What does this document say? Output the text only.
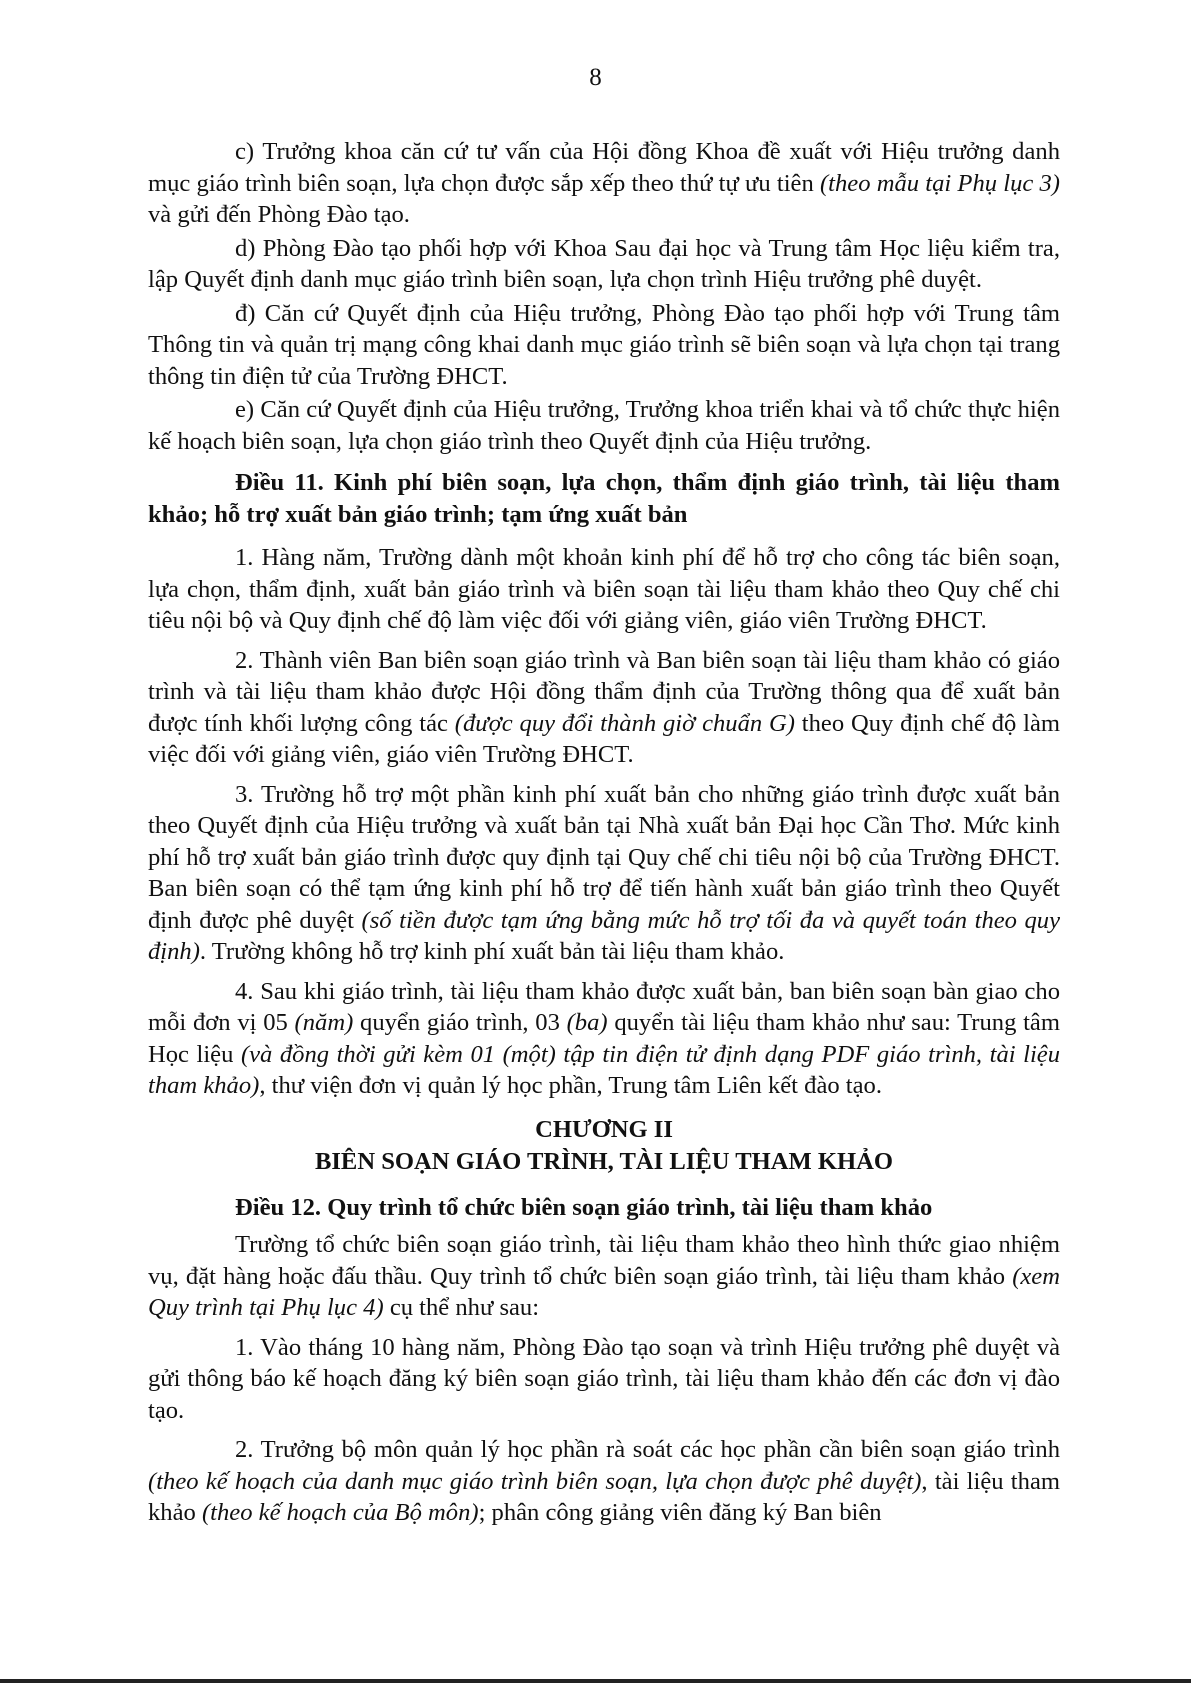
8

c) Trưởng khoa căn cứ tư vấn của Hội đồng Khoa đề xuất với Hiệu trưởng danh mục giáo trình biên soạn, lựa chọn được sắp xếp theo thứ tự ưu tiên (theo mẫu tại Phụ lục 3) và gửi đến Phòng Đào tạo.

d) Phòng Đào tạo phối hợp với Khoa Sau đại học và Trung tâm Học liệu kiểm tra, lập Quyết định danh mục giáo trình biên soạn, lựa chọn trình Hiệu trưởng phê duyệt.

đ) Căn cứ Quyết định của Hiệu trưởng, Phòng Đào tạo phối hợp với Trung tâm Thông tin và quản trị mạng công khai danh mục giáo trình sẽ biên soạn và lựa chọn tại trang thông tin điện tử của Trường ĐHCT.

e) Căn cứ Quyết định của Hiệu trưởng, Trưởng khoa triển khai và tổ chức thực hiện kế hoạch biên soạn, lựa chọn giáo trình theo Quyết định của Hiệu trưởng.

Điều 11. Kinh phí biên soạn, lựa chọn, thẩm định giáo trình, tài liệu tham khảo; hỗ trợ xuất bản giáo trình; tạm ứng xuất bản

1. Hàng năm, Trường dành một khoản kinh phí để hỗ trợ cho công tác biên soạn, lựa chọn, thẩm định, xuất bản giáo trình và biên soạn tài liệu tham khảo theo Quy chế chi tiêu nội bộ và Quy định chế độ làm việc đối với giảng viên, giáo viên Trường ĐHCT.

2. Thành viên Ban biên soạn giáo trình và Ban biên soạn tài liệu tham khảo có giáo trình và tài liệu tham khảo được Hội đồng thẩm định của Trường thông qua để xuất bản được tính khối lượng công tác (được quy đổi thành giờ chuẩn G) theo Quy định chế độ làm việc đối với giảng viên, giáo viên Trường ĐHCT.

3. Trường hỗ trợ một phần kinh phí xuất bản cho những giáo trình được xuất bản theo Quyết định của Hiệu trưởng và xuất bản tại Nhà xuất bản Đại học Cần Thơ. Mức kinh phí hỗ trợ xuất bản giáo trình được quy định tại Quy chế chi tiêu nội bộ của Trường ĐHCT. Ban biên soạn có thể tạm ứng kinh phí hỗ trợ để tiến hành xuất bản giáo trình theo Quyết định được phê duyệt (số tiền được tạm ứng bằng mức hỗ trợ tối đa và quyết toán theo quy định). Trường không hỗ trợ kinh phí xuất bản tài liệu tham khảo.

4. Sau khi giáo trình, tài liệu tham khảo được xuất bản, ban biên soạn bàn giao cho mỗi đơn vị 05 (năm) quyển giáo trình, 03 (ba) quyển tài liệu tham khảo như sau: Trung tâm Học liệu (và đồng thời gửi kèm 01 (một) tập tin điện tử định dạng PDF giáo trình, tài liệu tham khảo), thư viện đơn vị quản lý học phần, Trung tâm Liên kết đào tạo.

CHƯƠNG II
BIÊN SOẠN GIÁO TRÌNH, TÀI LIỆU THAM KHẢO

Điều 12. Quy trình tổ chức biên soạn giáo trình, tài liệu tham khảo

Trường tổ chức biên soạn giáo trình, tài liệu tham khảo theo hình thức giao nhiệm vụ, đặt hàng hoặc đấu thầu. Quy trình tổ chức biên soạn giáo trình, tài liệu tham khảo (xem Quy trình tại Phụ lục 4) cụ thể như sau:

1. Vào tháng 10 hàng năm, Phòng Đào tạo soạn và trình Hiệu trưởng phê duyệt và gửi thông báo kế hoạch đăng ký biên soạn giáo trình, tài liệu tham khảo đến các đơn vị đào tạo.

2. Trưởng bộ môn quản lý học phần rà soát các học phần cần biên soạn giáo trình (theo kế hoạch của danh mục giáo trình biên soạn, lựa chọn được phê duyệt), tài liệu tham khảo (theo kế hoạch của Bộ môn); phân công giảng viên đăng ký Ban biên
